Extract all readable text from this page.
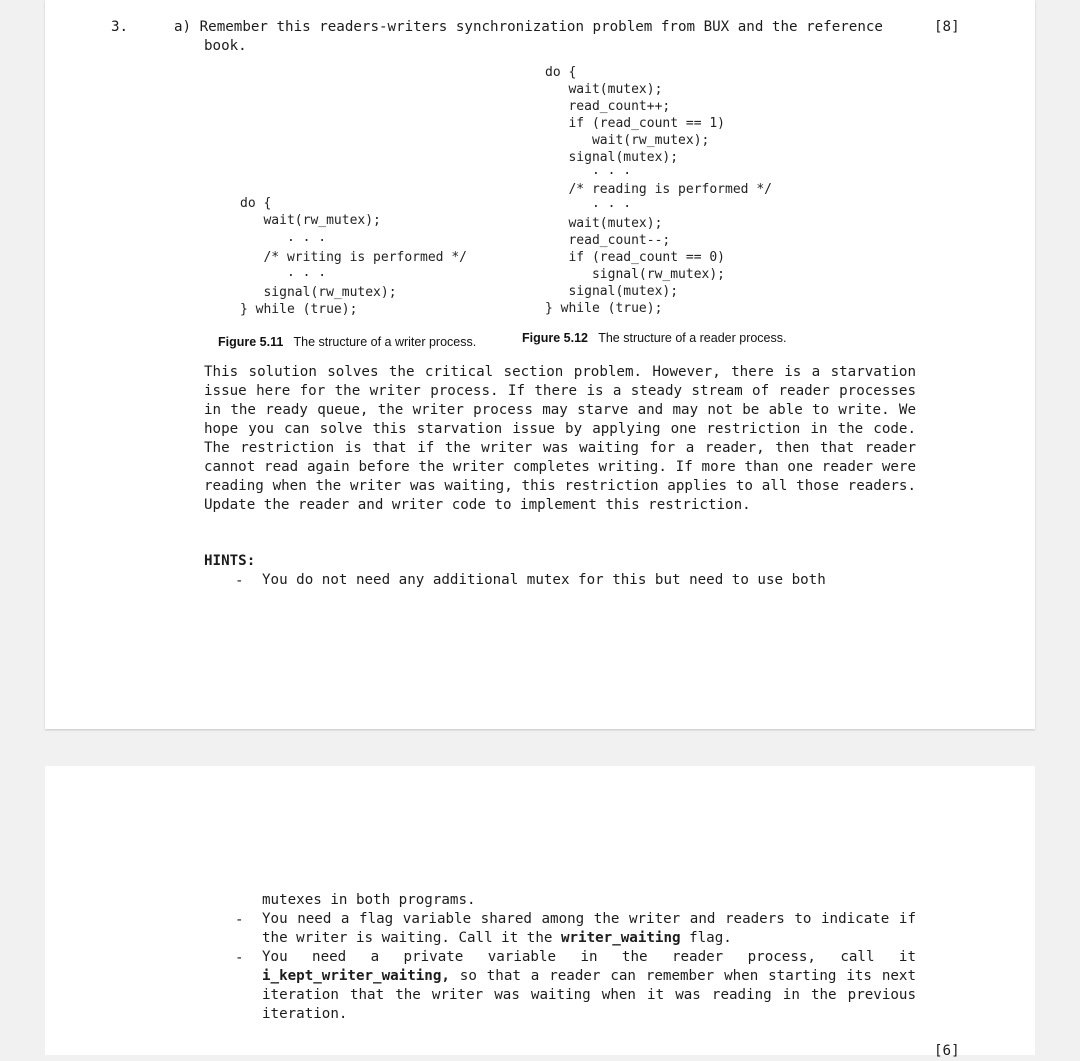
3.	a) Remember this readers-writers synchronization problem from BUX and the reference
book.
[8]
do {
wait(mutex);
read_count++;
if (read_count == 1)
wait(rw_mutex);
signal(mutex);
. . .
/* reading is performed */
. . .
wait(mutex);
read_count--;
if (read_count == 0)
signal(rw_mutex);
signal(mutex);
} while (true);
do {
wait(rw_mutex);
. . .
/* writing is performed */
. . .
signal(rw_mutex);
} while (true);
Figure 5.11 The structure of a writer process.	Figure 5.12 The structure of a reader process.

This solution solves the critical section problem. However, there is a starvation issue here for the writer process. If there is a steady stream of reader processes in the ready queue, the writer process may starve and may not be able to write. We hope you can solve this starvation issue by applying one restriction in the code. The restriction is that if the writer was waiting for a reader, then that reader cannot read again before the writer completes writing. If more than one reader were reading when the writer was waiting, this restriction applies to all those readers. Update the reader and writer code to implement this restriction.

HINTS:
- You do not need any additional mutex for this but need to use both

mutexes in both programs.
- You need a flag variable shared among the writer and readers to indicate if the writer is waiting. Call it the writer_waiting flag.

- You need a private variable in the reader process, call it i_kept_writer_waiting, so that a reader can remember when starting its next iteration that the writer was waiting when it was reading in the previous iteration.

[6]
